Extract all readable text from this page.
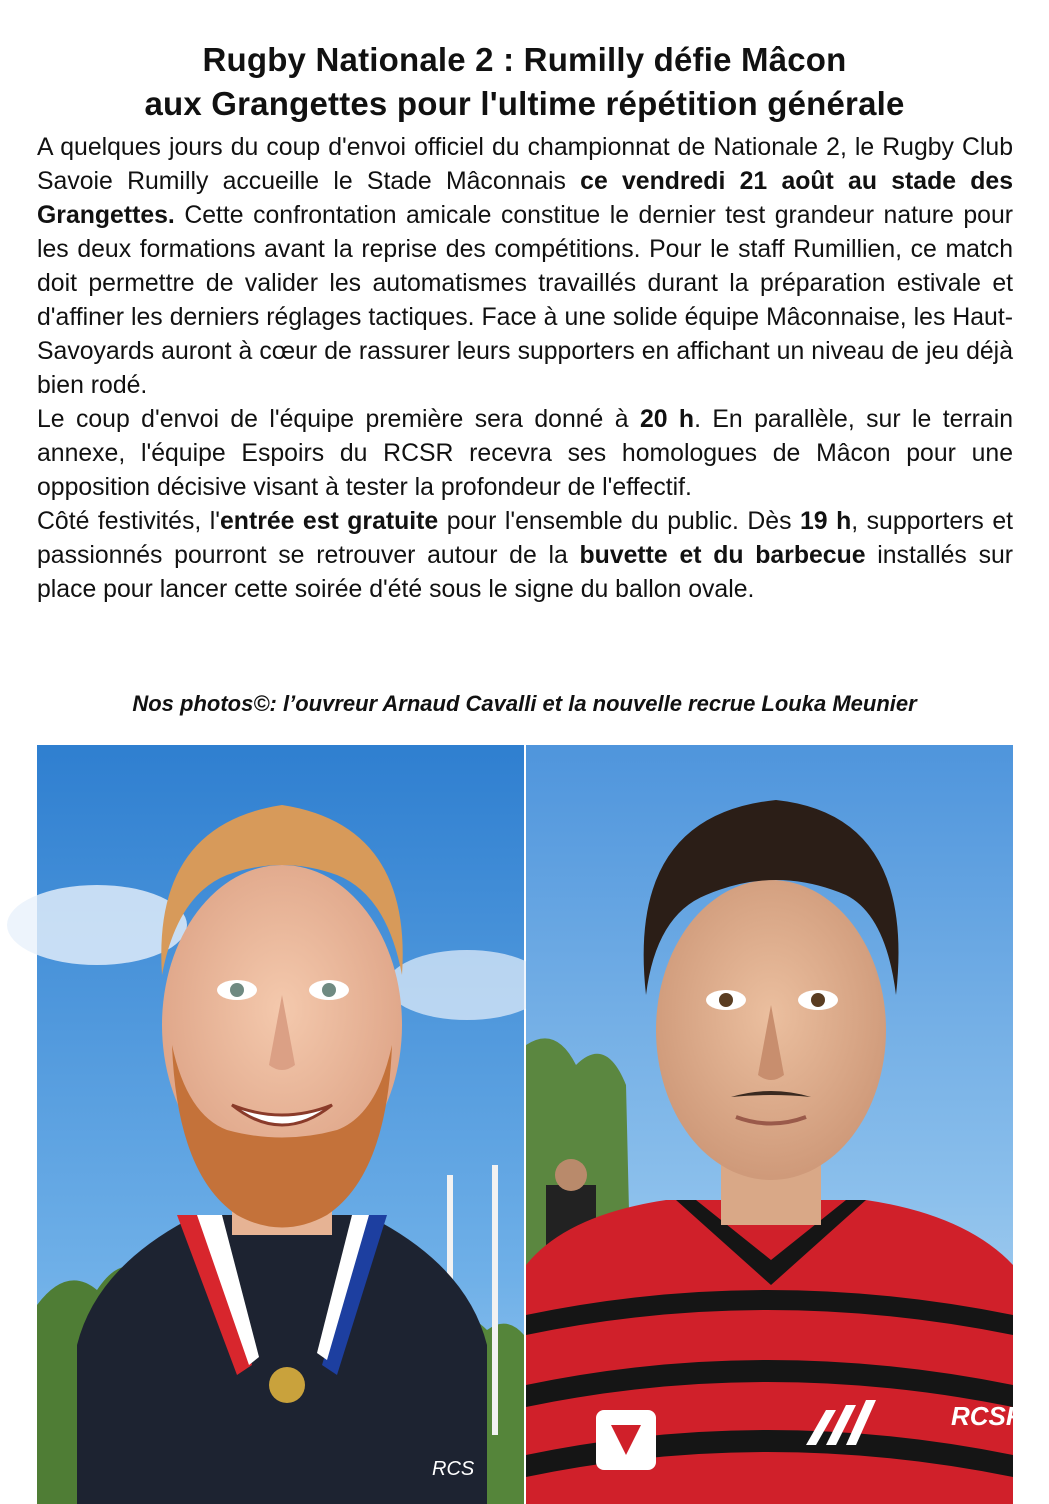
Rugby Nationale 2 : Rumilly défie Mâcon
aux Grangettes pour l'ultime répétition générale

A quelques jours du coup d'envoi officiel du championnat de Nationale 2, le Rugby Club Savoie Rumilly accueille le Stade Mâconnais ce vendredi 21 août au stade des Grangettes. Cette confrontation amicale constitue le dernier test grandeur nature pour les deux formations avant la reprise des compétitions. Pour le staff Rumillien, ce match doit permettre de valider les automatismes travaillés durant la préparation estivale et d'affiner les derniers réglages tactiques. Face à une solide équipe Mâconnaise, les Haut-Savoyards auront à cœur de rassurer leurs supporters en affichant un niveau de jeu déjà bien rodé.

Le coup d'envoi de l'équipe première sera donné à 20 h. En parallèle, sur le terrain annexe, l'équipe Espoirs du RCSR recevra ses homologues de Mâcon pour une opposition décisive visant à tester la profondeur de l'effectif.

Côté festivités, l'entrée est gratuite pour l'ensemble du public. Dès 19 h, supporters et passionnés pourront se retrouver autour de la buvette et du barbecue installés sur place pour lancer cette soirée d'été sous le signe du ballon ovale.

Nos photos©: l’ouvreur Arnaud Cavalli et la nouvelle recrue Louka Meunier
RCS
RCSR
